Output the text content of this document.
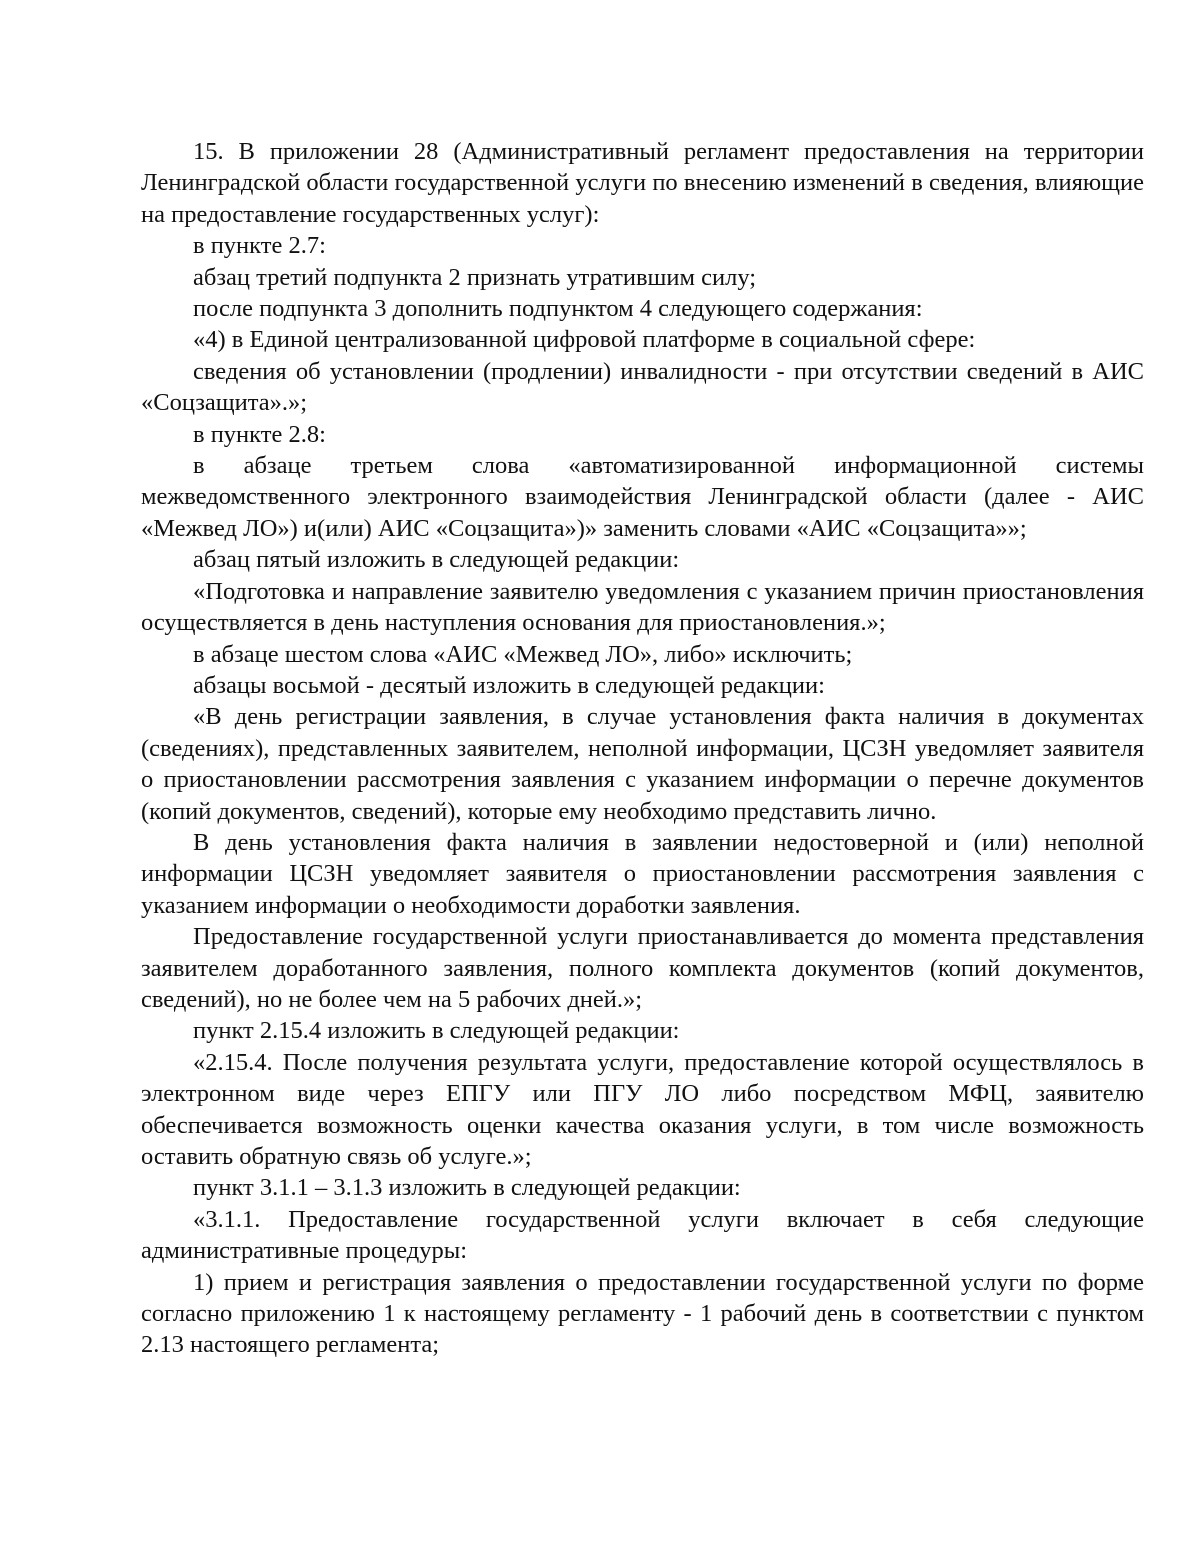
15. В приложении 28 (Административный регламент предоставления на территории Ленинградской области государственной услуги по внесению изменений в сведения, влияющие на предоставление государственных услуг):

в пункте 2.7:

абзац третий подпункта 2 признать утратившим силу;

после подпункта 3 дополнить подпунктом 4 следующего содержания:

«4) в Единой централизованной цифровой платформе в социальной сфере:

сведения об установлении (продлении) инвалидности - при отсутствии сведений в АИС «Соцзащита».»;

в пункте 2.8:

в абзаце третьем слова «автоматизированной информационной системы межведомственного электронного взаимодействия Ленинградской области (далее - АИС «Межвед ЛО») и(или) АИС «Соцзащита»)» заменить словами «АИС «Соцзащита»»;

абзац пятый изложить в следующей редакции:

«Подготовка и направление заявителю уведомления с указанием причин приостановления осуществляется в день наступления основания для приостановления.»;

в абзаце шестом слова «АИС «Межвед ЛО», либо» исключить;

абзацы восьмой - десятый изложить в следующей редакции:

«В день регистрации заявления, в случае установления факта наличия в документах (сведениях), представленных заявителем, неполной информации, ЦСЗН уведомляет заявителя о приостановлении рассмотрения заявления с указанием информации о перечне документов (копий документов, сведений), которые ему необходимо представить лично.

В день установления факта наличия в заявлении недостоверной и (или) неполной информации ЦСЗН уведомляет заявителя о приостановлении рассмотрения заявления с указанием информации о необходимости доработки заявления.

Предоставление государственной услуги приостанавливается до момента представления заявителем доработанного заявления, полного комплекта документов (копий документов, сведений), но не более чем на 5 рабочих дней.»;

пункт 2.15.4 изложить в следующей редакции:

«2.15.4. После получения результата услуги, предоставление которой осуществлялось в электронном виде через ЕПГУ или ПГУ ЛО либо посредством МФЦ, заявителю обеспечивается возможность оценки качества оказания услуги, в том числе возможность оставить обратную связь об услуге.»;

пункт 3.1.1 – 3.1.3 изложить в следующей редакции:

«3.1.1. Предоставление государственной услуги включает в себя следующие административные процедуры:

1) прием и регистрация заявления о предоставлении государственной услуги по форме согласно приложению 1 к настоящему регламенту - 1 рабочий день в соответствии с пунктом 2.13 настоящего регламента;
